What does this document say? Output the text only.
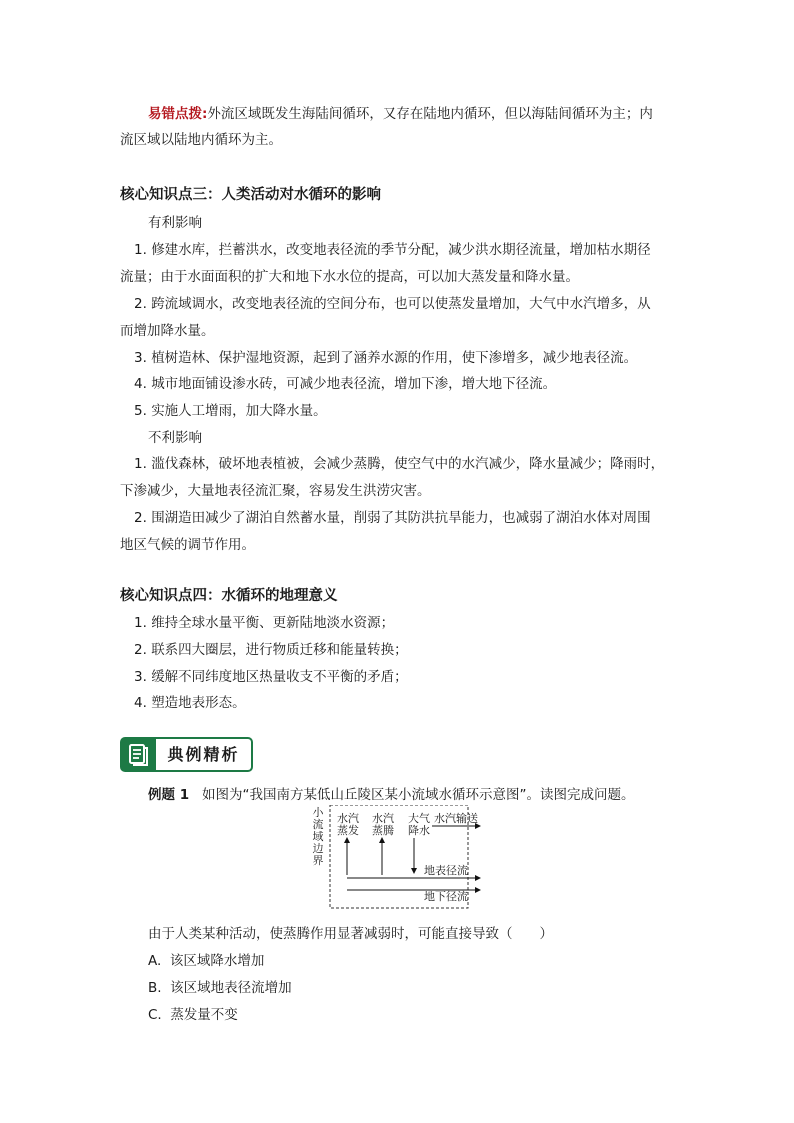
易错点拨:外流区域既发生海陆间循环，又存在陆地内循环，但以海陆间循环为主；内
流区域以陆地内循环为主。
核心知识点三：人类活动对水循环的影响
有利影响
1. 修建水库，拦蓄洪水，改变地表径流的季节分配，减少洪水期径流量，增加枯水期径
流量；由于水面面积的扩大和地下水水位的提高，可以加大蒸发量和降水量。
2. 跨流域调水，改变地表径流的空间分布，也可以使蒸发量增加，大气中水汽增多，从
而增加降水量。
3. 植树造林、保护湿地资源，起到了涵养水源的作用，使下渗增多，减少地表径流。
4. 城市地面铺设渗水砖，可减少地表径流，增加下渗，增大地下径流。
5. 实施人工增雨，加大降水量。
不利影响
1. 滥伐森林，破坏地表植被，会减少蒸腾，使空气中的水汽减少，降水量减少；降雨时，
下渗减少，大量地表径流汇聚，容易发生洪涝灾害。
2. 围湖造田减少了湖泊自然蓄水量，削弱了其防洪抗旱能力，也减弱了湖泊水体对周围
地区气候的调节作用。
核心知识点四：水循环的地理意义
1. 维持全球水量平衡、更新陆地淡水资源；
2. 联系四大圈层，进行物质迁移和能量转换；
3. 缓解不同纬度地区热量收支不平衡的矛盾；
4. 塑造地表形态。
典例精析
例题 1 如图为“我国南方某低山丘陵区某小流域水循环示意图”。读图完成问题。
小流域边界
水汽
蒸发
水汽
蒸腾
大气
降水
水汽输送
地表径流
地下径流
由于人类某种活动，使蒸腾作用显著减弱时，可能直接导致（　　）
A. 该区域降水增加
B. 该区域地表径流增加
C. 蒸发量不变
